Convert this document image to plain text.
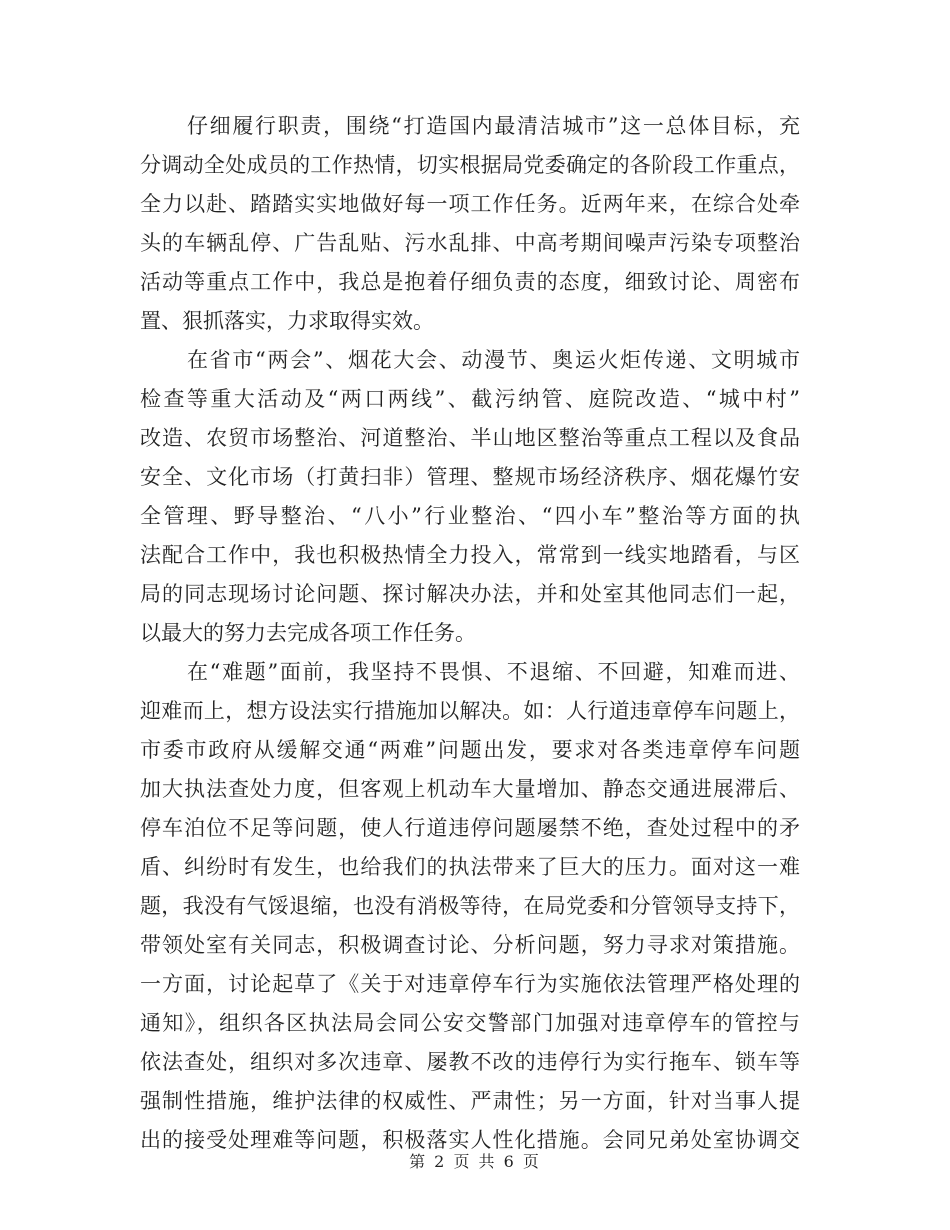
仔细履行职责，围绕“打造国内最清洁城市”这一总体目标，充
分调动全处成员的工作热情，切实根据局党委确定的各阶段工作重点，
全力以赴、踏踏实实地做好每一项工作任务。近两年来，在综合处牵
头的车辆乱停、广告乱贴、污水乱排、中高考期间噪声污染专项整治
活动等重点工作中，我总是抱着仔细负责的态度，细致讨论、周密布
置、狠抓落实，力求取得实效。
在省市“两会”、烟花大会、动漫节、奥运火炬传递、文明城市
检查等重大活动及“两口两线”、截污纳管、庭院改造、“城中村”
改造、农贸市场整治、河道整治、半山地区整治等重点工程以及食品
安全、文化市场（打黄扫非）管理、整规市场经济秩序、烟花爆竹安
全管理、野导整治、“八小”行业整治、“四小车”整治等方面的执
法配合工作中，我也积极热情全力投入，常常到一线实地踏看，与区
局的同志现场讨论问题、探讨解决办法，并和处室其他同志们一起，
以最大的努力去完成各项工作任务。
在“难题”面前，我坚持不畏惧、不退缩、不回避，知难而进、
迎难而上，想方设法实行措施加以解决。如：人行道违章停车问题上，
市委市政府从缓解交通“两难”问题出发，要求对各类违章停车问题
加大执法查处力度，但客观上机动车大量增加、静态交通进展滞后、
停车泊位不足等问题，使人行道违停问题屡禁不绝，查处过程中的矛
盾、纠纷时有发生，也给我们的执法带来了巨大的压力。面对这一难
题，我没有气馁退缩，也没有消极等待，在局党委和分管领导支持下，
带领处室有关同志，积极调查讨论、分析问题，努力寻求对策措施。
一方面，讨论起草了《关于对违章停车行为实施依法管理严格处理的
通知》，组织各区执法局会同公安交警部门加强对违章停车的管控与
依法查处，组织对多次违章、屡教不改的违停行为实行拖车、锁车等
强制性措施，维护法律的权威性、严肃性；另一方面，针对当事人提
出的接受处理难等问题，积极落实人性化措施。会同兄弟处室协调交
第 2 页 共 6 页
